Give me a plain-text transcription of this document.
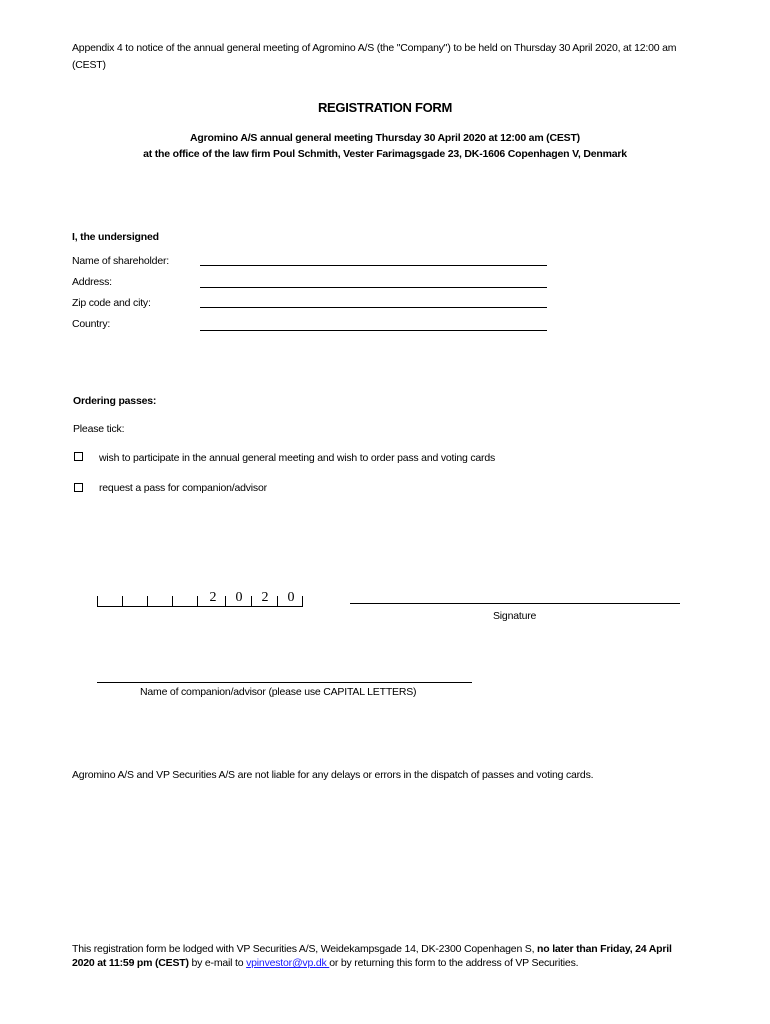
Appendix 4 to notice of the annual general meeting of Agromino A/S (the "Company") to be held on Thursday 30 April 2020, at 12:00 am (CEST)
REGISTRATION FORM
Agromino A/S annual general meeting Thursday 30 April 2020 at 12:00 am (CEST)
at the office of the law firm Poul Schmith, Vester Farimagsgade 23, DK-1606 Copenhagen V, Denmark
I, the undersigned
Name of shareholder:
Address:
Zip code and city:
Country:
Ordering passes:
Please tick:
wish to participate in the annual general meeting and wish to order pass and voting cards
request a pass for companion/advisor
2	0	2	0
Signature
Name of companion/advisor (please use CAPITAL LETTERS)
Agromino A/S and VP Securities A/S are not liable for any delays or errors in the dispatch of passes and voting cards.
This registration form be lodged with VP Securities A/S, Weidekampsgade 14, DK-2300 Copenhagen S, no later than Friday, 24 April 2020 at 11:59 pm (CEST) by e-mail to vpinvestor@vp.dk or by returning this form to the address of VP Securities.
